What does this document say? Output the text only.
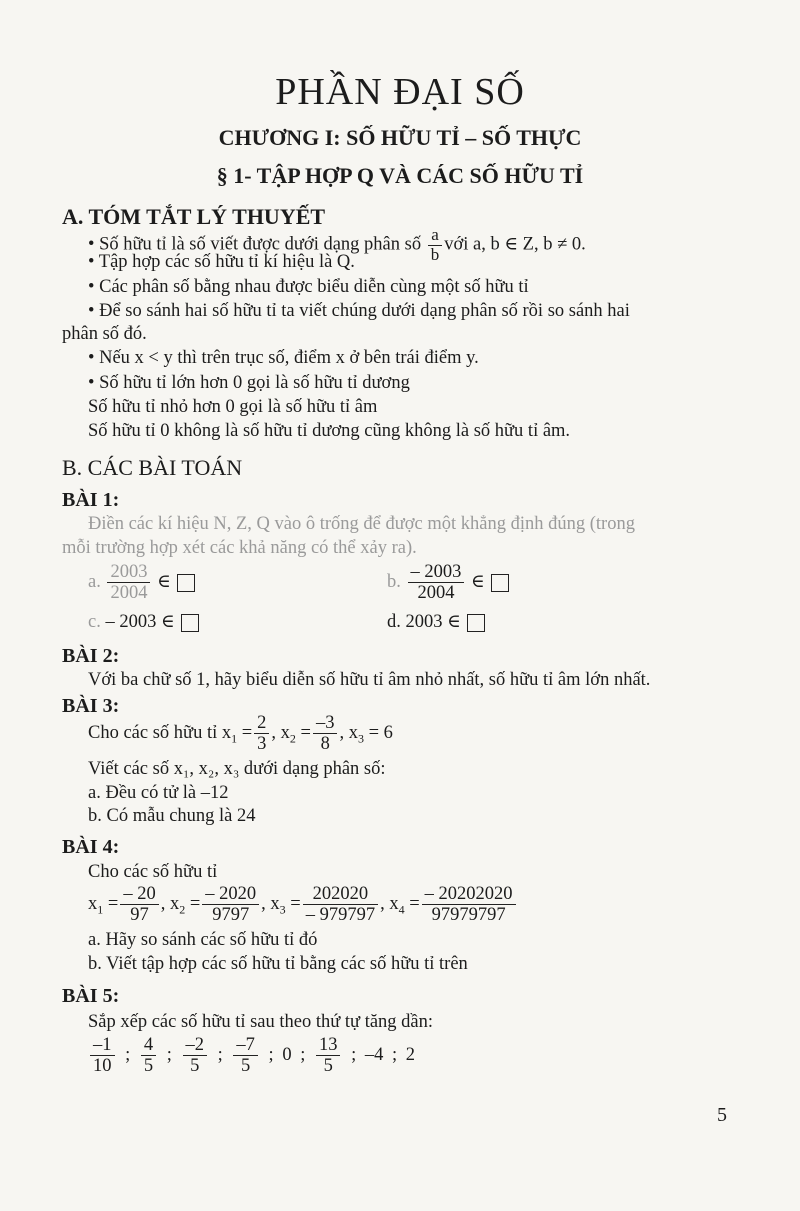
PHẦN ĐẠI SỐ
CHƯƠNG I: SỐ HỮU TỈ – SỐ THỰC
§ 1- TẬP HỢP Q VÀ CÁC SỐ HỮU TỈ
A. TÓM TẮT LÝ THUYẾT
• Số hữu tỉ là số viết được dưới dạng phân số $\frac{a}{b}$ với a, b ∈ Z, b ≠ 0.
• Tập hợp các số hữu tỉ kí hiệu là Q.
• Các phân số bằng nhau được biểu diễn cùng một số hữu tỉ
• Để so sánh hai số hữu tỉ ta viết chúng dưới dạng phân số rồi so sánh hai
phân số đó.
• Nếu x < y thì trên trục số, điểm x ở bên trái điểm y.
• Số hữu tỉ lớn hơn 0 gọi là số hữu tỉ dương
Số hữu tỉ nhỏ hơn 0 gọi là số hữu tỉ âm
Số hữu tỉ 0 không là số hữu tỉ dương cũng không là số hữu tỉ âm.
B. CÁC BÀI TOÁN
BÀI 1:
Điền các kí hiệu N, Z, Q vào ô trống để được một khẳng định đúng (trong
mỗi trường hợp xét các khả năng có thể xảy ra).
a. $\frac{2003}{2004}$ ∈	b. $\frac{- 2003}{2004}$ ∈
c. – 2003 ∈	d. 2003 ∈
BÀI 2:
Với ba chữ số 1, hãy biểu diễn số hữu tỉ âm nhỏ nhất, số hữu tỉ âm lớn nhất.
BÀI 3:
Cho các số hữu tỉ $x_1 = \frac{2}{3}$ , $x_2 = \frac{-3}{8}$ , $x_3 = 6$
Viết các số x₁, x₂, x₃ dưới dạng phân số:
a. Đều có tử là –12
b. Có mẫu chung là 24
BÀI 4:
Cho các số hữu tỉ
$x_1 = \frac{- 20}{97}$ , $x_2 = \frac{- 2020}{9797}$ , $x_3 = \frac{202020}{- 979797}$ , $x_4 = \frac{- 20202020}{97979797}$
a. Hãy so sánh các số hữu tỉ đó
b. Viết tập hợp các số hữu tỉ bằng các số hữu tỉ trên
BÀI 5:
Sắp xếp các số hữu tỉ sau theo thứ tự tăng dần:
$\frac{-1}{10}$ ; $\frac{4}{5}$ ; $\frac{-2}{5}$ ; $\frac{-7}{5}$ ; 0 ; $\frac{13}{5}$ ; –4 ; 2
5
